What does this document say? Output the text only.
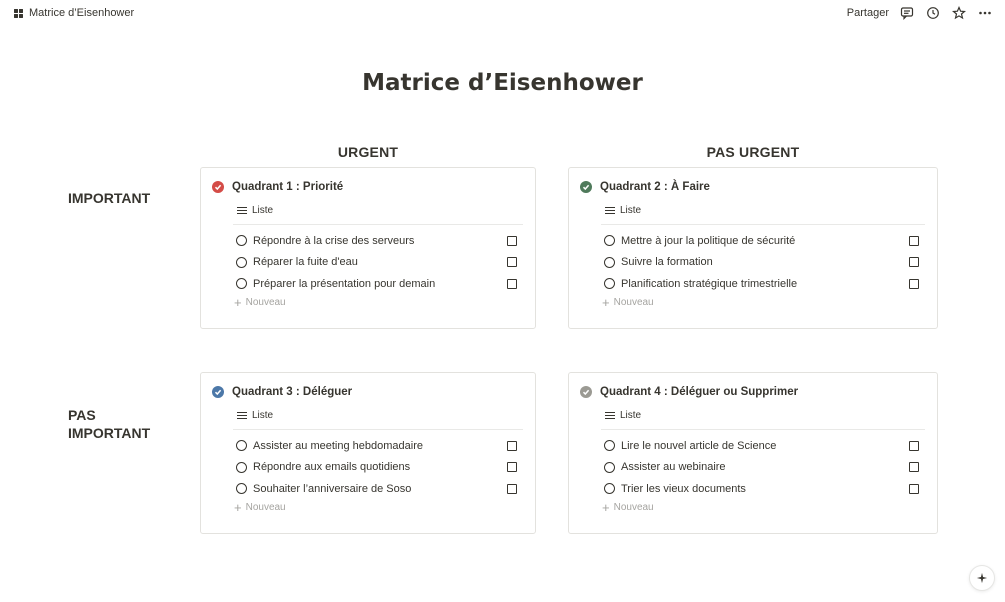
Matrice d’Eisenhower	Partager
Matrice d’Eisenhower
URGENT	PAS URGENT
IMPORTANT
PAS
IMPORTANT
Quadrant 1 : Priorité
Liste
Répondre à la crise des serveurs
Réparer la fuite d'eau
Préparer la présentation pour demain
+ Nouveau
Quadrant 2 : À Faire
Liste
Mettre à jour la politique de sécurité
Suivre la formation
Planification stratégique trimestrielle
+ Nouveau
Quadrant 3 : Déléguer
Liste
Assister au meeting hebdomadaire
Répondre aux emails quotidiens
Souhaiter l’anniversaire de Soso
+ Nouveau
Quadrant 4 : Déléguer ou Supprimer
Liste
Lire le nouvel article de Science
Assister au webinaire
Trier les vieux documents
+ Nouveau
